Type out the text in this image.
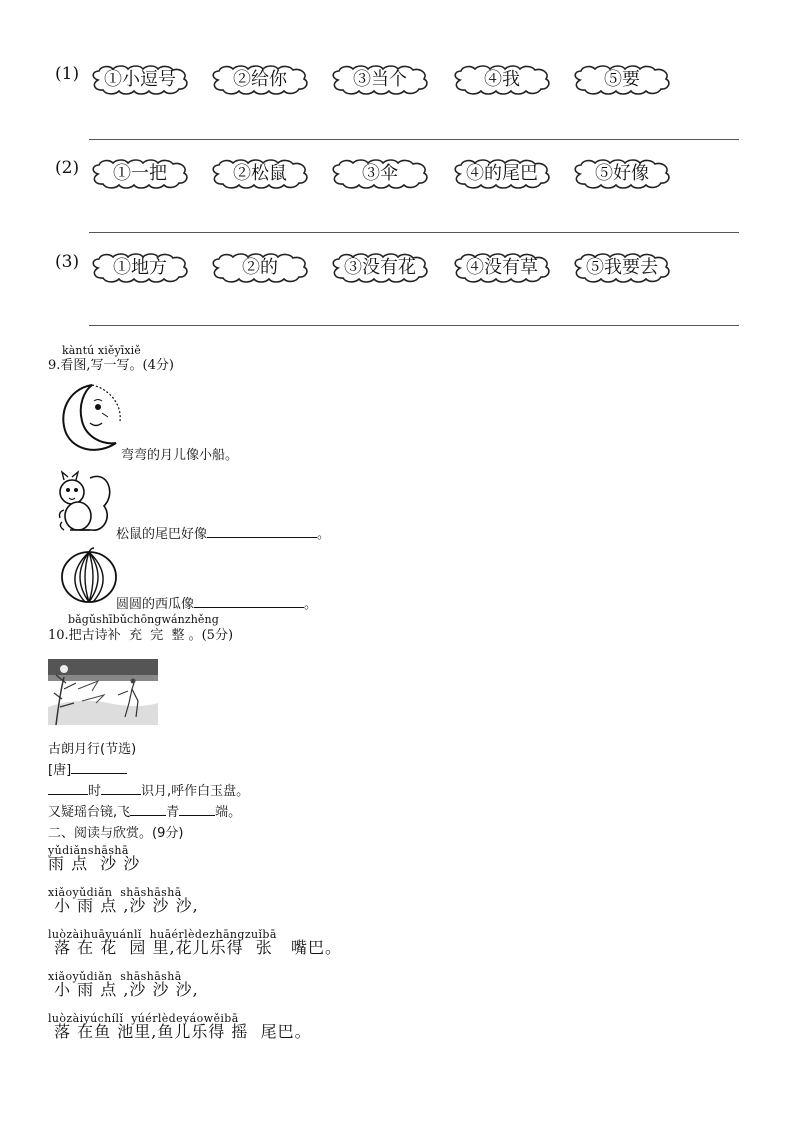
(1)	①小逗号	②给你	③当个	④我	⑤要
(2)	①一把	②松鼠	③伞	④的尾巴	⑤好像
(3)	①地方	②的	③没有花	④没有草	⑤我要去
kàntú xiěyīxiě
9.看图,写一写。(4分)
弯弯的月儿像小船。
松鼠的尾巴好像	。
圆圆的西瓜像	。
bǎgǔshībǔchōngwánzhěng
10.把古诗补  充  完  整 。(5分)
古朗月行(节选)
[唐]
时	识月,呼作白玉盘。
又疑瑶台镜,飞	青	端。
二、阅读与欣赏。(9分)
yǔdiǎnshāshā
雨 点  沙 沙
xiǎoyǔdiǎn  shāshāshā
小 雨 点 ,沙 沙 沙,
luòzàihuāyuánlǐ  huāérlèdezhāngzuǐbā
落 在 花  园 里,花儿乐得  张   嘴巴。
xiǎoyǔdiǎn  shāshāshā
小 雨 点 ,沙 沙 沙,
luòzàiyúchílǐ  yúérlèdeyáowěibā
落 在鱼 池里,鱼儿乐得 摇  尾巴。
